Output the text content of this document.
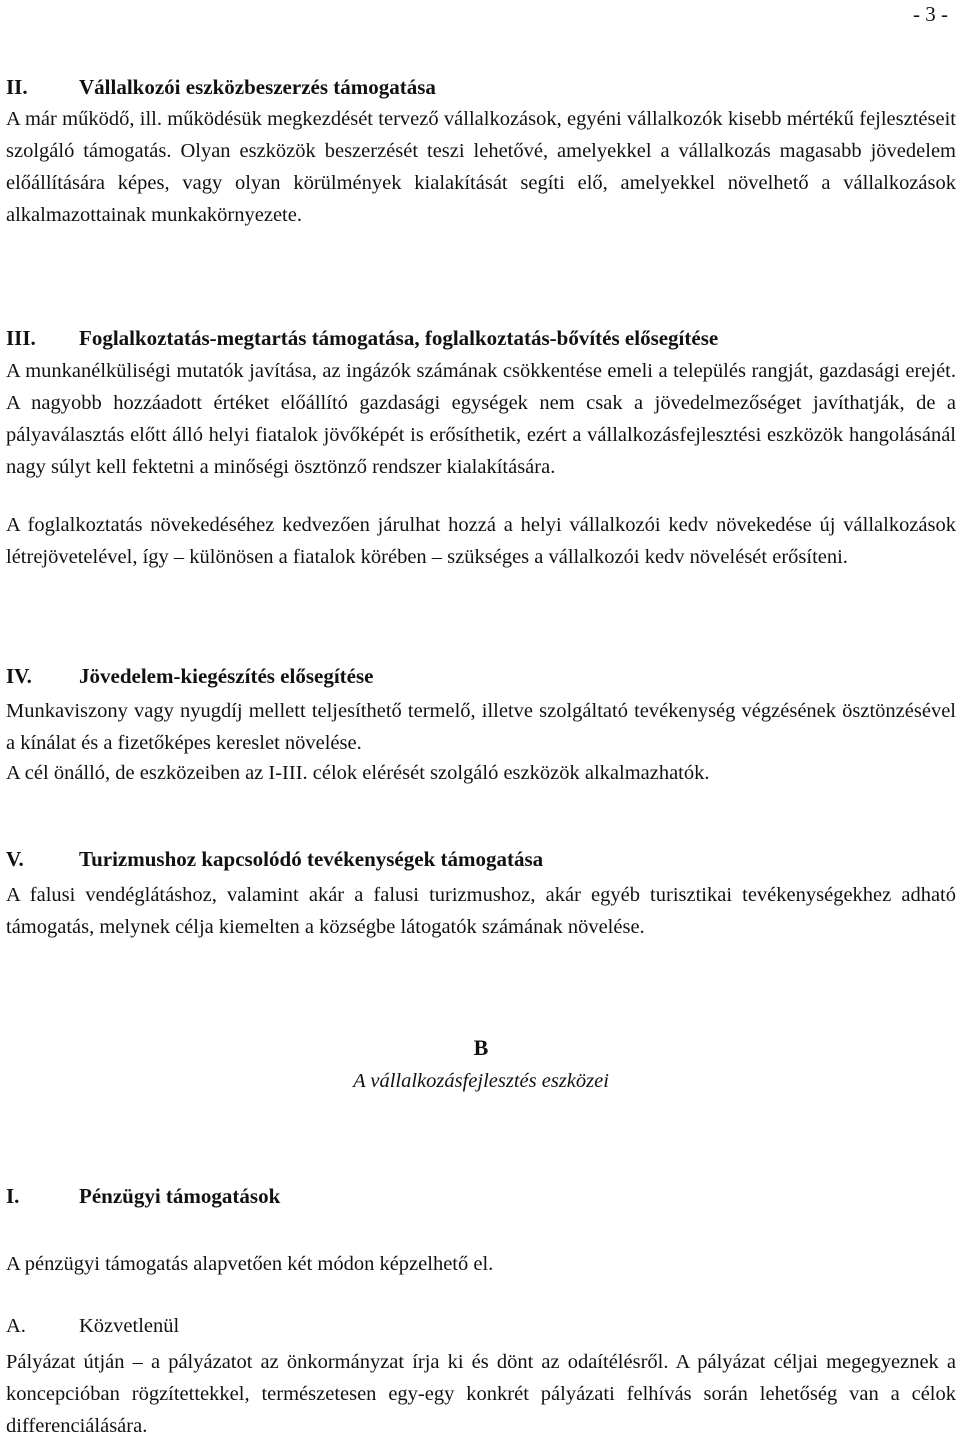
- 3 -
II. Vállalkozói eszközbeszerzés támogatása
A már működő, ill. működésük megkezdését tervező vállalkozások, egyéni vállalkozók kisebb mértékű fejlesztéseit szolgáló támogatás. Olyan eszközök beszerzését teszi lehetővé, amelyekkel a vállalkozás magasabb jövedelem előállítására képes, vagy olyan körülmények kialakítását segíti elő, amelyekkel növelhető a vállalkozások alkalmazottainak munkakörnyezete.
III. Foglalkoztatás-megtartás támogatása, foglalkoztatás-bővítés elősegítése
A munkanélküliségi mutatók javítása, az ingázók számának csökkentése emeli a település rangját, gazdasági erejét. A nagyobb hozzáadott értéket előállító gazdasági egységek nem csak a jövedelmezőséget javíthatják, de a pályaválasztás előtt álló helyi fiatalok jövőképét is erősíthetik, ezért a vállalkozásfejlesztési eszközök hangolásánál nagy súlyt kell fektetni a minőségi ösztönző rendszer kialakítására.
A foglalkoztatás növekedéséhez kedvezően járulhat hozzá a helyi vállalkozói kedv növekedése új vállalkozások létrejövetelével, így – különösen a fiatalok körében – szükséges a vállalkozói kedv növelését erősíteni.
IV. Jövedelem-kiegészítés elősegítése
Munkaviszony vagy nyugdíj mellett teljesíthető termelő, illetve szolgáltató tevékenység végzésének ösztönzésével a kínálat és a fizetőképes kereslet növelése.
A cél önálló, de eszközeiben az I-III. célok elérését szolgáló eszközök alkalmazhatók.
V.	Turizmushoz kapcsolódó tevékenységek támogatása
A falusi vendéglátáshoz, valamint akár a falusi turizmushoz, akár egyéb turisztikai tevékenységekhez adható támogatás, melynek célja kiemelten a községbe látogatók számának növelése.
B
A vállalkozásfejlesztés eszközei
I.	Pénzügyi támogatások
A pénzügyi támogatás alapvetően két módon képzelhető el.
A.	Közvetlenül
Pályázat útján – a pályázatot az önkormányzat írja ki és dönt az odaítélésről. A pályázat céljai megegyeznek a koncepcióban rögzítettekkel, természetesen egy-egy konkrét pályázati felhívás során lehetőség van a célok differenciálására.
